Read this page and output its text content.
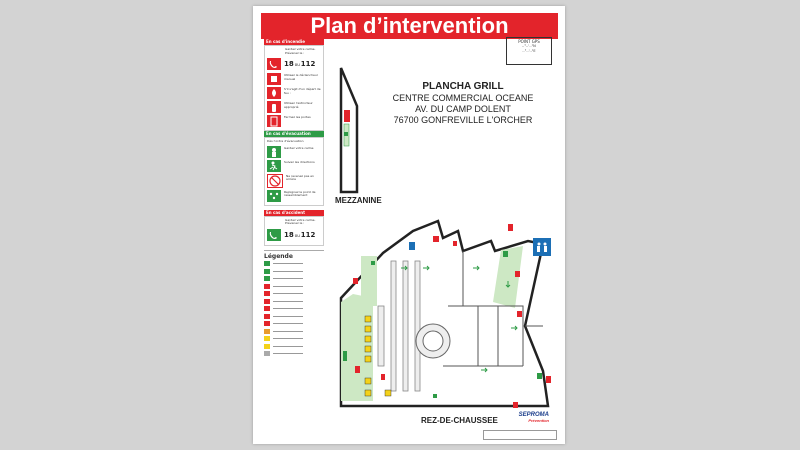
Plan d’intervention
En cas d'incendie
Gardez votre calme. Prévenez le :
18ou112
Utilisez le déclencheur manuel
S'il s'agit d'un départ de feu :
Utilisez l'extincteur approprié
Fermez les portes
En cas d'évacuation
Dès l'ordre d'évacuation
Gardez votre calme
Suivez les directions
Ne revenez pas en arrière
Rejoignez le point de rassemblement
En cas d'accident
Gardez votre calme. Prévenez le :
18ou112
Légende
POINT GPS
..°..'.."N
..°..'.."E
PLANCHA GRILL
CENTRE COMMERCIAL OCEANE
AV. DU CAMP DOLENT
76700 GONFREVILLE L'ORCHER
MEZZANINE
REZ-DE-CHAUSSEE
SEPROMA
Prévention
